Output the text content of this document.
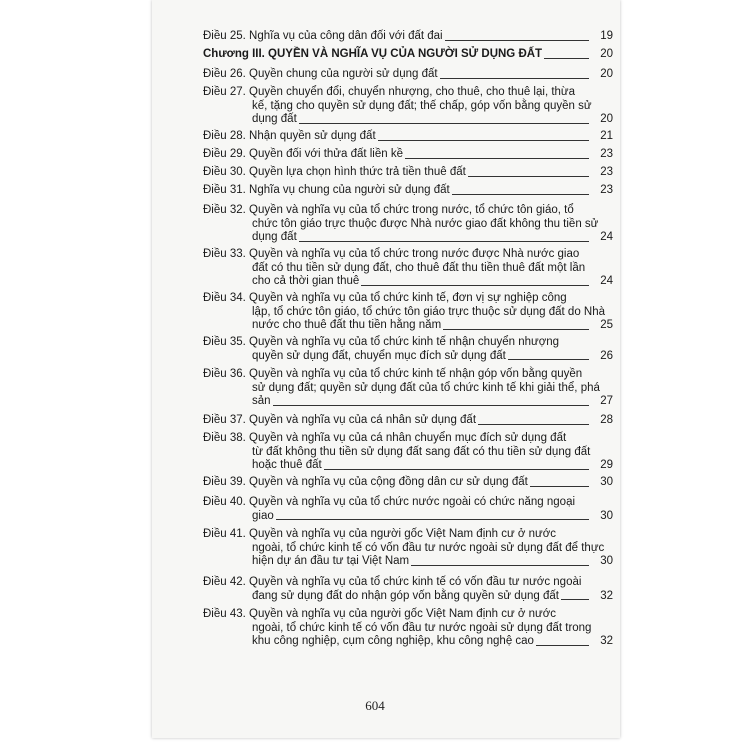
Điều 25. Nghĩa vụ của công dân đối với đất đai	19
Chương III. QUYỀN VÀ NGHĨA VỤ CỦA NGƯỜI SỬ DỤNG ĐẤT	20
Điều 26. Quyền chung của người sử dụng đất	20
Điều 27. Quyền chuyển đổi, chuyển nhượng, cho thuê, cho thuê lại, thừa
kế, tặng cho quyền sử dụng đất; thế chấp, góp vốn bằng quyền sử
dụng đất	20
Điều 28. Nhận quyền sử dụng đất	21
Điều 29. Quyền đối với thửa đất liền kề	23
Điều 30. Quyền lựa chọn hình thức trả tiền thuê đất	23
Điều 31. Nghĩa vụ chung của người sử dụng đất	23
Điều 32. Quyền và nghĩa vụ của tổ chức trong nước, tổ chức tôn giáo, tổ
chức tôn giáo trực thuộc được Nhà nước giao đất không thu tiền sử
dụng đất	24
Điều 33. Quyền và nghĩa vụ của tổ chức trong nước được Nhà nước giao
đất có thu tiền sử dụng đất, cho thuê đất thu tiền thuê đất một lần
cho cả thời gian thuê	24
Điều 34. Quyền và nghĩa vụ của tổ chức kinh tế, đơn vị sự nghiệp công
lập, tổ chức tôn giáo, tổ chức tôn giáo trực thuộc sử dụng đất do Nhà
nước cho thuê đất thu tiền hằng năm	25
Điều 35. Quyền và nghĩa vụ của tổ chức kinh tế nhận chuyển nhượng
quyền sử dụng đất, chuyển mục đích sử dụng đất	26
Điều 36. Quyền và nghĩa vụ của tổ chức kinh tế nhận góp vốn bằng quyền
sử dụng đất; quyền sử dụng đất của tổ chức kinh tế khi giải thể, phá
sản	27
Điều 37. Quyền và nghĩa vụ của cá nhân sử dụng đất	28
Điều 38. Quyền và nghĩa vụ của cá nhân chuyển mục đích sử dụng đất
từ đất không thu tiền sử dụng đất sang đất có thu tiền sử dụng đất
hoặc thuê đất	29
Điều 39. Quyền và nghĩa vụ của cộng đồng dân cư sử dụng đất	30
Điều 40. Quyền và nghĩa vụ của tổ chức nước ngoài có chức năng ngoại
giao	30
Điều 41. Quyền và nghĩa vụ của người gốc Việt Nam định cư ở nước
ngoài, tổ chức kinh tế có vốn đầu tư nước ngoài sử dụng đất để thực
hiện dự án đầu tư tại Việt Nam	30
Điều 42. Quyền và nghĩa vụ của tổ chức kinh tế có vốn đầu tư nước ngoài
đang sử dụng đất do nhận góp vốn bằng quyền sử dụng đất	32
Điều 43. Quyền và nghĩa vụ của người gốc Việt Nam định cư ở nước
ngoài, tổ chức kinh tế có vốn đầu tư nước ngoài sử dụng đất trong
khu công nghiệp, cụm công nghiệp, khu công nghệ cao	32
604
